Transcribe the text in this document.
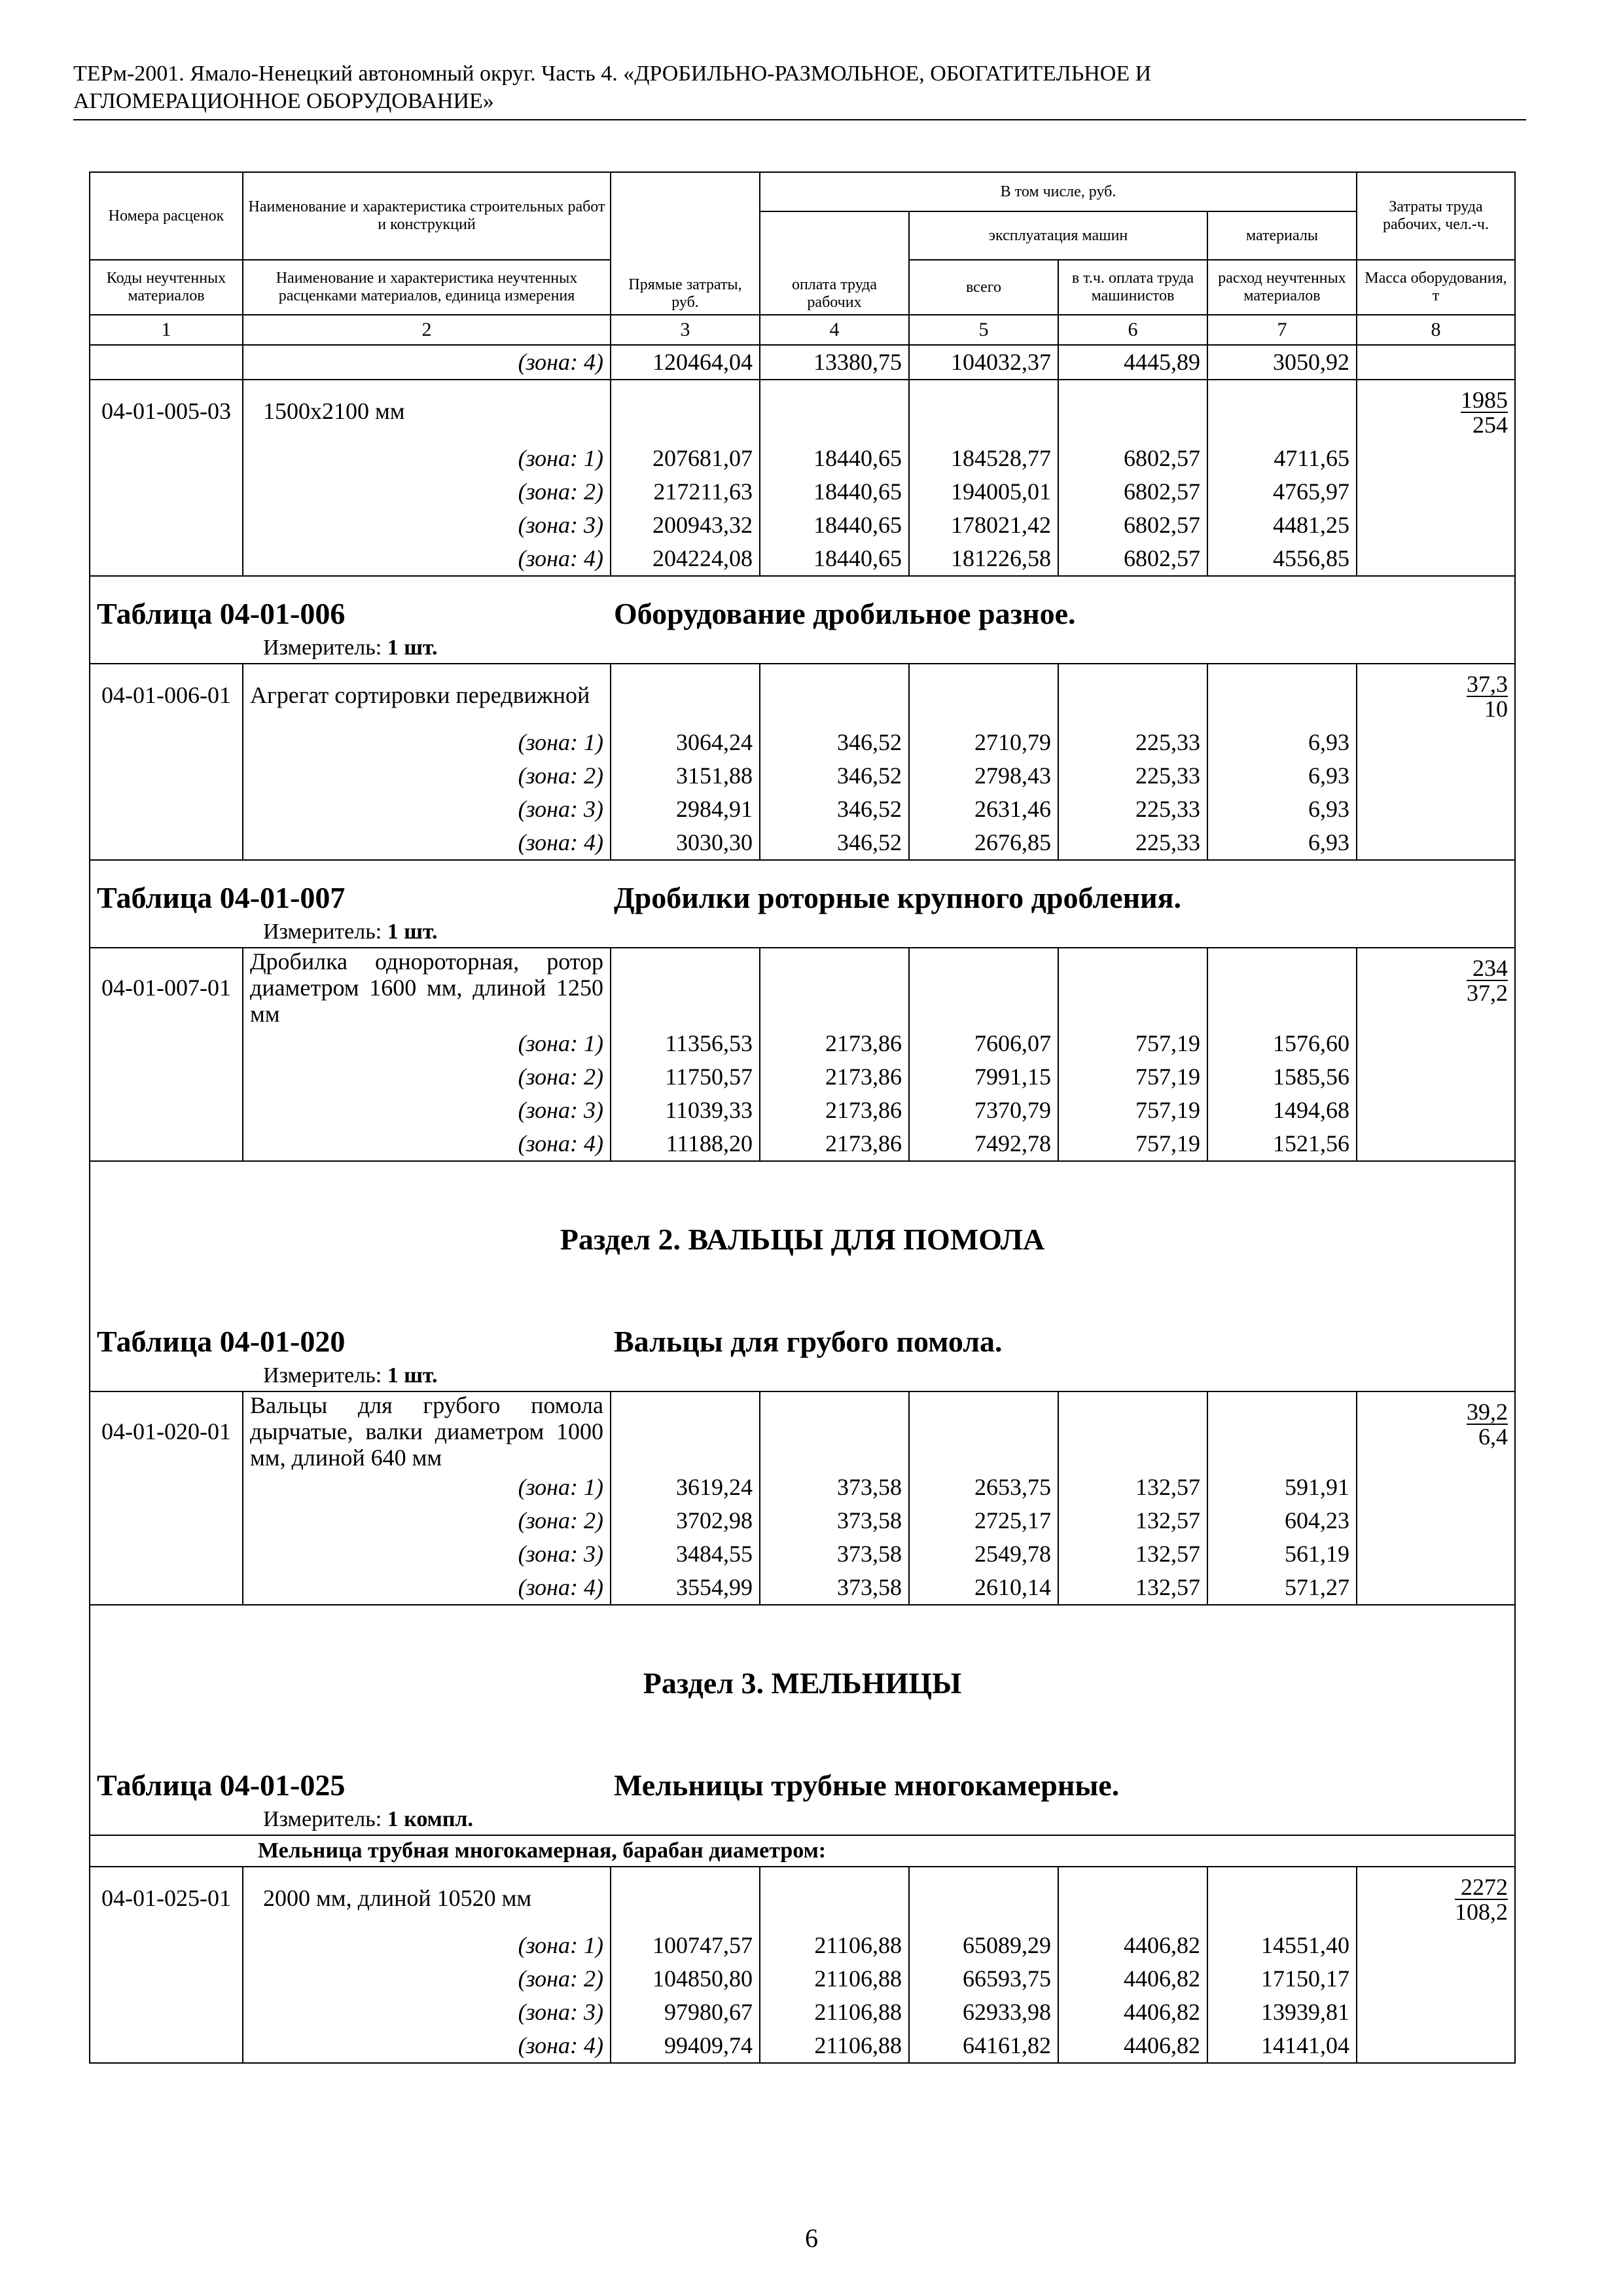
ТЕРм-2001. Ямало-Ненецкий автономный округ. Часть 4. «ДРОБИЛЬНО-РАЗМОЛЬНОЕ, ОБОГАТИТЕЛЬНОЕ И
АГЛОМЕРАЦИОННОЕ ОБОРУДОВАНИЕ»
Номера расценок	Наименование и характеристика строительных работ и конструкций	Прямые затраты, руб.	В том числе, руб.				Затраты труда рабочих, чел.-ч.
			оплата труда рабочих	эксплуатация машин		материалы	
Коды неучтенных материалов	Наименование и характеристика неучтенных расценками материалов, единица измерения			всего	в т.ч. оплата труда машинистов	расход неучтенных материалов	Масса оборудования, т
1	2	3	4	5	6	7	8
	(зона: 4)	120464,04	13380,75	104032,37	4445,89	3050,92	
04-01-005-03	1500х2100 мм						$\frac{1985}{254}$

	(зона: 1)	207681,07	18440,65	184528,77	6802,57	4711,65	
	(зона: 2)	217211,63	18440,65	194005,01	6802,57	4765,97	
	(зона: 3)	200943,32	18440,65	178021,42	6802,57	4481,25	
	(зона: 4)	204224,08	18440,65	181226,58	6802,57	4556,85	

Таблица 04-01-006 Оборудование дробильное разное.
Измеритель: 1 шт.							

04-01-006-01	Агрегат сортировки передвижной						$\frac{37,3}{10}$

	(зона: 1)	3064,24	346,52	2710,79	225,33	6,93	
	(зона: 2)	3151,88	346,52	2798,43	225,33	6,93	
	(зона: 3)	2984,91	346,52	2631,46	225,33	6,93	
	(зона: 4)	3030,30	346,52	2676,85	225,33	6,93	

Таблица 04-01-007 Дробилки роторные крупного дробления.
Измеритель: 1 шт.							

04-01-007-01	Дробилка однороторная, ротор диаметром 1600 мм, длиной 1250 мм						$\frac{234}{37,2}$

	(зона: 1)	11356,53	2173,86	7606,07	757,19	1576,60	
	(зона: 2)	11750,57	2173,86	7991,15	757,19	1585,56	
	(зона: 3)	11039,33	2173,86	7370,79	757,19	1494,68	
	(зона: 4)	11188,20	2173,86	7492,78	757,19	1521,56	

Раздел 2. ВАЛЬЦЫ ДЛЯ ПОМОЛА
Таблица 04-01-020 Вальцы для грубого помола.
Измеритель: 1 шт.							

04-01-020-01	Вальцы для грубого помола дырчатые, валки диаметром 1000 мм, длиной 640 мм						$\frac{39,2}{6,4}$

	(зона: 1)	3619,24	373,58	2653,75	132,57	591,91	
	(зона: 2)	3702,98	373,58	2725,17	132,57	604,23	
	(зона: 3)	3484,55	373,58	2549,78	132,57	561,19	
	(зона: 4)	3554,99	373,58	2610,14	132,57	571,27	

Раздел 3. МЕЛЬНИЦЫ
Таблица 04-01-025 Мельницы трубные многокамерные.
Измеритель: 1 компл.							

Мельница трубная многокамерная, барабан диаметром:							

04-01-025-01	2000 мм, длиной 10520 мм						$\frac{2272}{108,2}$

	(зона: 1)	100747,57	21106,88	65089,29	4406,82	14551,40	
	(зона: 2)	104850,80	21106,88	66593,75	4406,82	17150,17	
	(зона: 3)	97980,67	21106,88	62933,98	4406,82	13939,81	
	(зона: 4)	99409,74	21106,88	64161,82	4406,82	14141,04	
6
